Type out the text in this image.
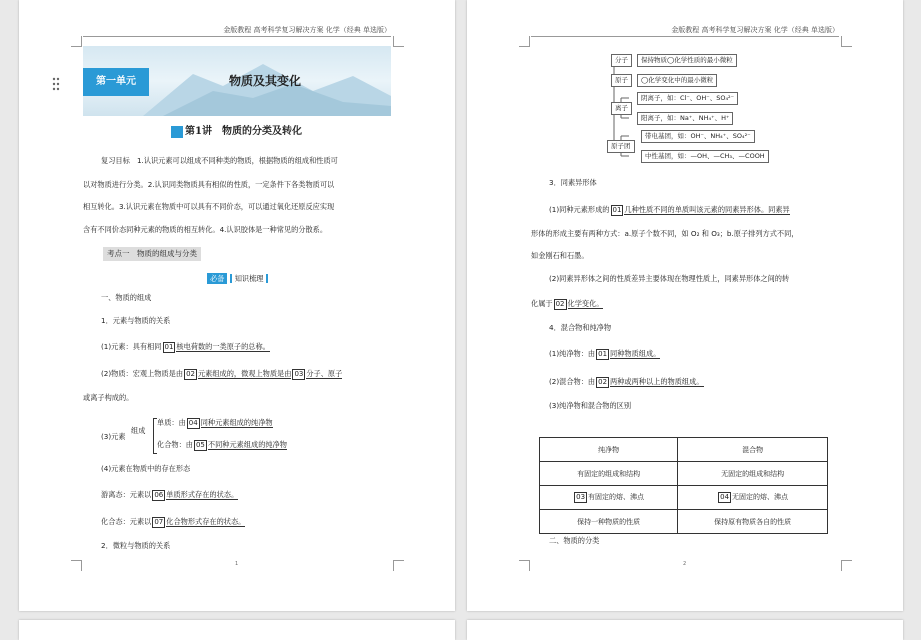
金版教程 高考科学复习解决方案 化学（经典 单选版）
第一单元	物质及其变化
第1讲　物质的分类及转化
复习目标　1.认识元素可以组成不同种类的物质，根据物质的组成和性质可
以对物质进行分类。2.认识同类物质具有相似的性质，一定条件下各类物质可以
相互转化。3.认识元素在物质中可以具有不同价态，可以通过氧化还原反应实现
含有不同价态同种元素的物质的相互转化。4.认识胶体是一种常见的分散系。
考点一　物质的组成与分类
必备 知识梳理
一、物质的组成
1．元素与物质的关系
(1)元素：具有相同 01 核电荷数的一类原子的总称。
(2)物质：宏观上物质是由 02 元素组成的，微观上物质是由 03 分子、原子
或离子构成的。
(3)元素
组成
单质：由 04 同种元素组成的纯净物
化合物：由 05 不同种元素组成的纯净物
(4)元素在物质中的存在形态
游离态：元素以 06 单质形式存在的状态。
化合态：元素以 07 化合物形式存在的状态。
2．微粒与物质的关系
1
金版教程 高考科学复习解决方案 化学（经典 单选版）
分子	保持物质◯化学性质的最小微粒
原子	◯化学变化中的最小微粒
离子
阴离子，如：Cl⁻、OH⁻、SO₄²⁻
阳离子，如：Na⁺、NH₄⁺、H⁺
原子团
带电基团，如：OH⁻、NH₄⁺、SO₄²⁻
中性基团，如：—OH、—CH₃、—COOH
3．同素异形体
(1)同种元素形成的 01 几种性质不同的单质叫该元素的同素异形体。同素异
形体的形成主要有两种方式：a.原子个数不同，如 O₂ 和 O₃；b.原子排列方式不同，
如金刚石和石墨。
(2)同素异形体之间的性质差异主要体现在物理性质上，同素异形体之间的转
化属于 02 化学变化。
4．混合物和纯净物
(1)纯净物：由 01 同种物质组成。
(2)混合物：由 02 两种或两种以上的物质组成。
(3)纯净物和混合物的区别
纯净物	混合物
有固定的组成和结构	无固定的组成和结构
03 有固定的熔、沸点	04 无固定的熔、沸点
保持一种物质的性质	保持原有物质各自的性质
二、物质的分类
2
